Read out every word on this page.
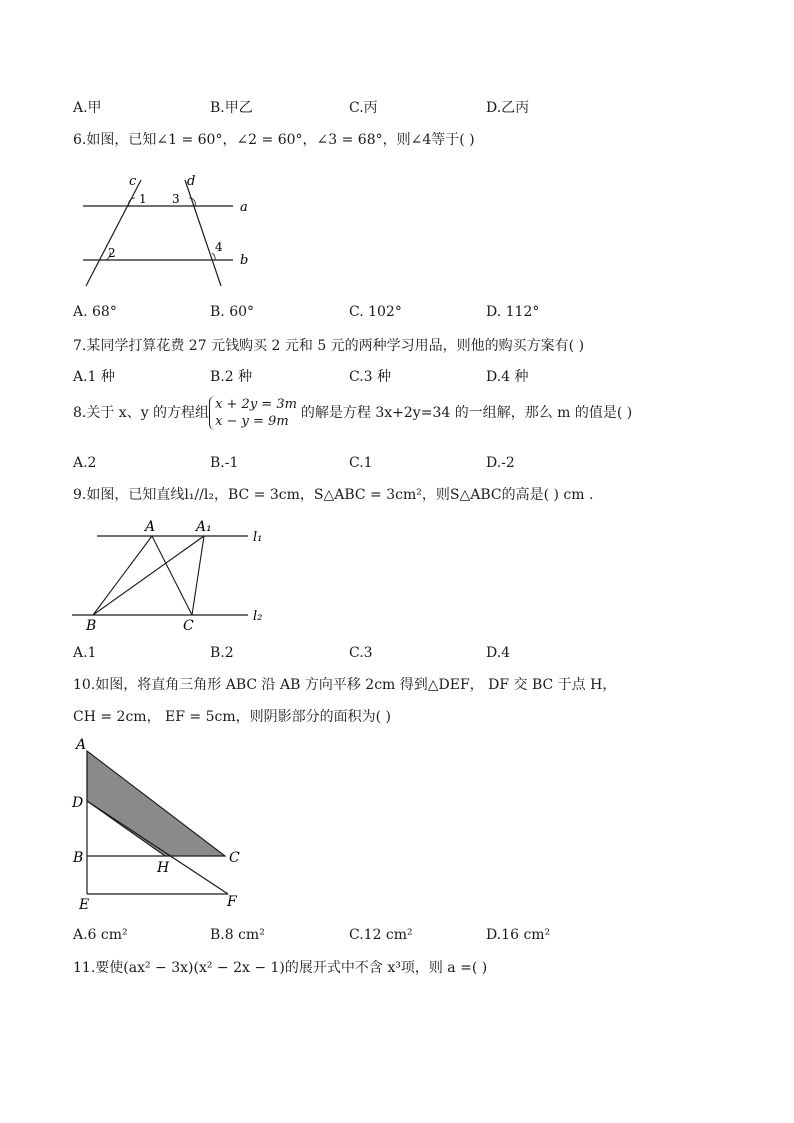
A.甲	B.甲乙	C.丙	D.乙丙
6.如图，已知∠1 = 60°，∠2 = 60°，∠3 = 68°，则∠4等于( )
c	d
a
b
1 3
2	4
A. 68°	B. 60°	C. 102°	D. 112°
7.某同学打算花费 27 元钱购买 2 元和 5 元的两种学习用品，则他的购买方案有( )
A.1 种	B.2 种	C.3 种	D.4 种
8.关于 x、y 的方程组
x + 2y = 3m
x − y = 9m
的解是方程 3x+2y=34 的一组解，那么 m 的值是( )
A.2	B.-1	C.1	D.-2
9.如图，已知直线l₁//l₂，BC = 3cm，S△ABC = 3cm²，则S△ABC的高是( ) cm .
A	A₁
B	C
l₁
l₂
A.1	B.2	C.3	D.4
10.如图，将直角三角形 ABC 沿 AB 方向平移 2cm 得到△DEF， DF 交 BC 于点 H，
CH = 2cm， EF = 5cm，则阴影部分的面积为( )
A
D
B	C
H
E	F
A.6 cm²	B.8 cm²	C.12 cm²	D.16 cm²
11.要使(ax² − 3x)(x² − 2x − 1)的展开式中不含 x³项，则 a =( )
